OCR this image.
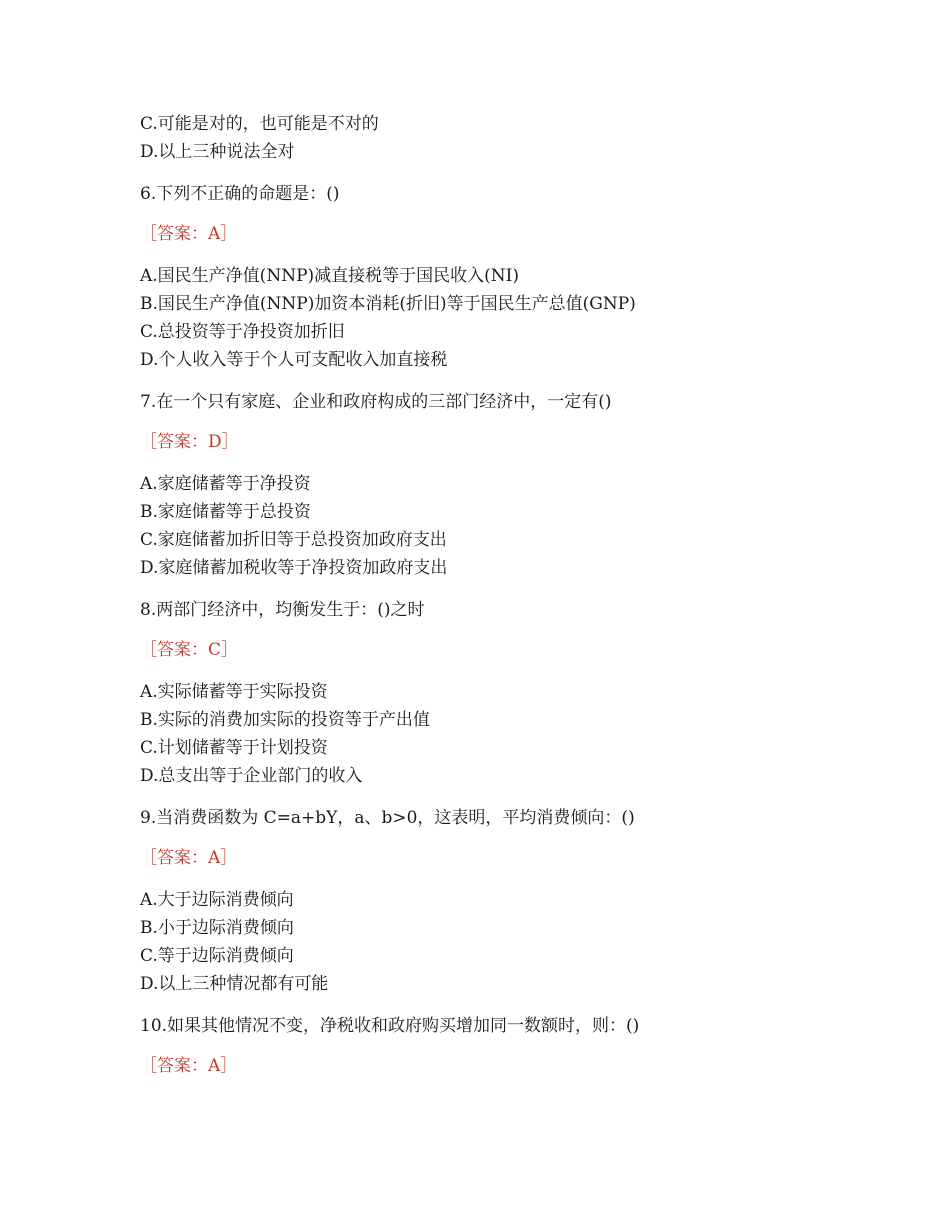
C.可能是对的，也可能是不对的
D.以上三种说法全对
6.下列不正确的命题是：()
［答案：A］
A.国民生产净值(NNP)减直接税等于国民收入(NI)
B.国民生产净值(NNP)加资本消耗(折旧)等于国民生产总值(GNP)
C.总投资等于净投资加折旧
D.个人收入等于个人可支配收入加直接税
7.在一个只有家庭、企业和政府构成的三部门经济中，一定有()
［答案：D］
A.家庭储蓄等于净投资
B.家庭储蓄等于总投资
C.家庭储蓄加折旧等于总投资加政府支出
D.家庭储蓄加税收等于净投资加政府支出
8.两部门经济中，均衡发生于：()之时
［答案：C］
A.实际储蓄等于实际投资
B.实际的消费加实际的投资等于产出值
C.计划储蓄等于计划投资
D.总支出等于企业部门的收入
9.当消费函数为 C=a+bY，a、b>0，这表明，平均消费倾向：()
［答案：A］
A.大于边际消费倾向
B.小于边际消费倾向
C.等于边际消费倾向
D.以上三种情况都有可能
10.如果其他情况不变，净税收和政府购买增加同一数额时，则：()
［答案：A］
